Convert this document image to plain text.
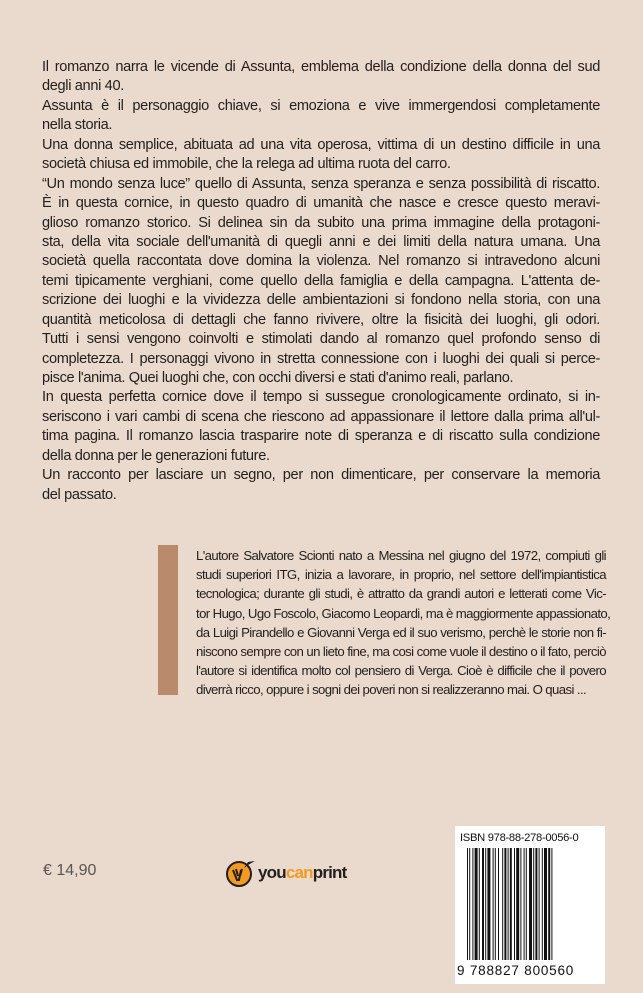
Il romanzo narra le vicende di Assunta, emblema della condizione della donna del sud
degli anni 40.
Assunta è il personaggio chiave, si emoziona e vive immergendosi completamente
nella storia.
Una donna semplice, abituata ad una vita operosa, vittima di un destino difficile in una
società chiusa ed immobile, che la relega ad ultima ruota del carro.
“Un mondo senza luce” quello di Assunta, senza speranza e senza possibilità di riscatto.
È in questa cornice, in questo quadro di umanità che nasce e cresce questo meravi-
glioso romanzo storico. Si delinea sin da subito una prima immagine della protagoni-
sta, della vita sociale dell'umanità di quegli anni e dei limiti della natura umana. Una
società quella raccontata dove domina la violenza. Nel romanzo si intravedono alcuni
temi tipicamente verghiani, come quello della famiglia e della campagna. L'attenta de-
scrizione dei luoghi e la vividezza delle ambientazioni si fondono nella storia, con una
quantità meticolosa di dettagli che fanno rivivere, oltre la fisicità dei luoghi, gli odori.
Tutti i sensi vengono coinvolti e stimolati dando al romanzo quel profondo senso di
completezza. I personaggi vivono in stretta connessione con i luoghi dei quali si perce-
pisce l'anima. Quei luoghi che, con occhi diversi e stati d'animo reali, parlano.
In questa perfetta cornice dove il tempo si sussegue cronologicamente ordinato, si in-
seriscono i vari cambi di scena che riescono ad appassionare il lettore dalla prima all'ul-
tima pagina. Il romanzo lascia trasparire note di speranza e di riscatto sulla condizione
della donna per le generazioni future.
Un racconto per lasciare un segno, per non dimenticare, per conservare la memoria
del passato.
L'autore Salvatore Scionti nato a Messina nel giugno del 1972, compiuti gli
studi superiori ITG, inizia a lavorare, in proprio, nel settore dell'impiantistica
tecnologica; durante gli studi, è attratto da grandi autori e letterati come Vic-
tor Hugo, Ugo Foscolo, Giacomo Leopardi, ma è maggiormente appassionato,
da Luigi Pirandello e Giovanni Verga ed il suo verismo, perchè le storie non fi-
niscono sempre con un lieto fine, ma cosi come vuole il destino o il fato, perciò
l'autore si identifica molto col pensiero di Verga. Cioè è difficile che il povero
diverrà ricco, oppure i sogni dei poveri non si realizzeranno mai. O quasi ...
€ 14,90	youcanprint
ISBN 978-88-278-0056-0
9 788827 800560
